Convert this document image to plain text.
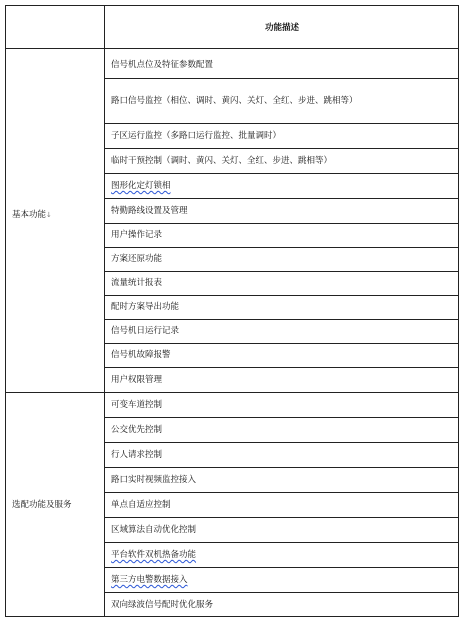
功能描述
基本功能↓
选配功能及服务
信号机点位及特征参数配置
路口信号监控（相位、调时、黄闪、关灯、全红、步进、跳相等）
子区运行监控（多路口运行监控、批量调时）
临时干预控制（调时、黄闪、关灯、全红、步进、跳相等）
图形化定灯锁相
特勤路线设置及管理
用户操作记录
方案还原功能
流量统计报表
配时方案导出功能
信号机日运行记录
信号机故障报警
用户权限管理
可变车道控制
公交优先控制
行人请求控制
路口实时视频监控接入
单点自适应控制
区域算法自动优化控制
平台软件双机热备功能
第三方电警数据接入
双向绿波信号配时优化服务
